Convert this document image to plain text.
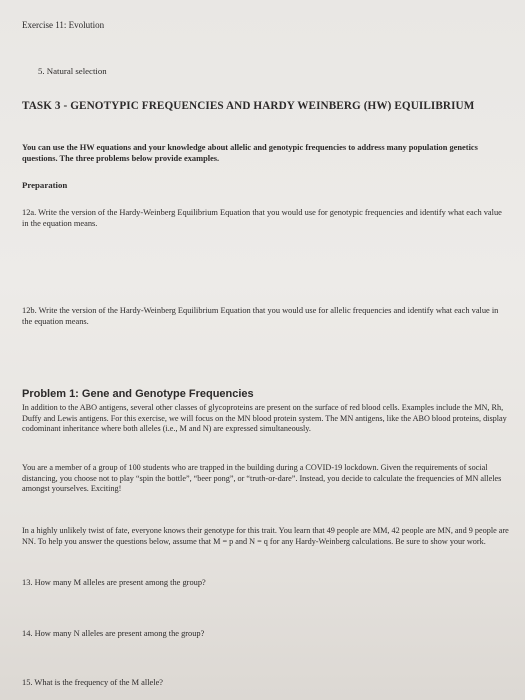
Exercise 11: Evolution

5. Natural selection

TASK 3 - GENOTYPIC FREQUENCIES AND HARDY WEINBERG (HW) EQUILIBRIUM

You can use the HW equations and your knowledge about allelic and genotypic frequencies to address many population genetics questions. The three problems below provide examples.

Preparation

12a. Write the version of the Hardy-Weinberg Equilibrium Equation that you would use for genotypic frequencies and identify what each value in the equation means.

12b. Write the version of the Hardy-Weinberg Equilibrium Equation that you would use for allelic frequencies and identify what each value in the equation means.

Problem 1: Gene and Genotype Frequencies

In addition to the ABO antigens, several other classes of glycoproteins are present on the surface of red blood cells. Examples include the MN, Rh, Duffy and Lewis antigens. For this exercise, we will focus on the MN blood protein system. The MN antigens, like the ABO blood proteins, display codominant inheritance where both alleles (i.e., M and N) are expressed simultaneously.

You are a member of a group of 100 students who are trapped in the building during a COVID-19 lockdown. Given the requirements of social distancing, you choose not to play “spin the bottle”, “beer pong”, or “truth-or-dare”. Instead, you decide to calculate the frequencies of MN alleles amongst yourselves. Exciting!

In a highly unlikely twist of fate, everyone knows their genotype for this trait. You learn that 49 people are MM, 42 people are MN, and 9 people are NN. To help you answer the questions below, assume that M = p and N = q for any Hardy-Weinberg calculations. Be sure to show your work.

13. How many M alleles are present among the group?

14. How many N alleles are present among the group?

15. What is the frequency of the M allele?
